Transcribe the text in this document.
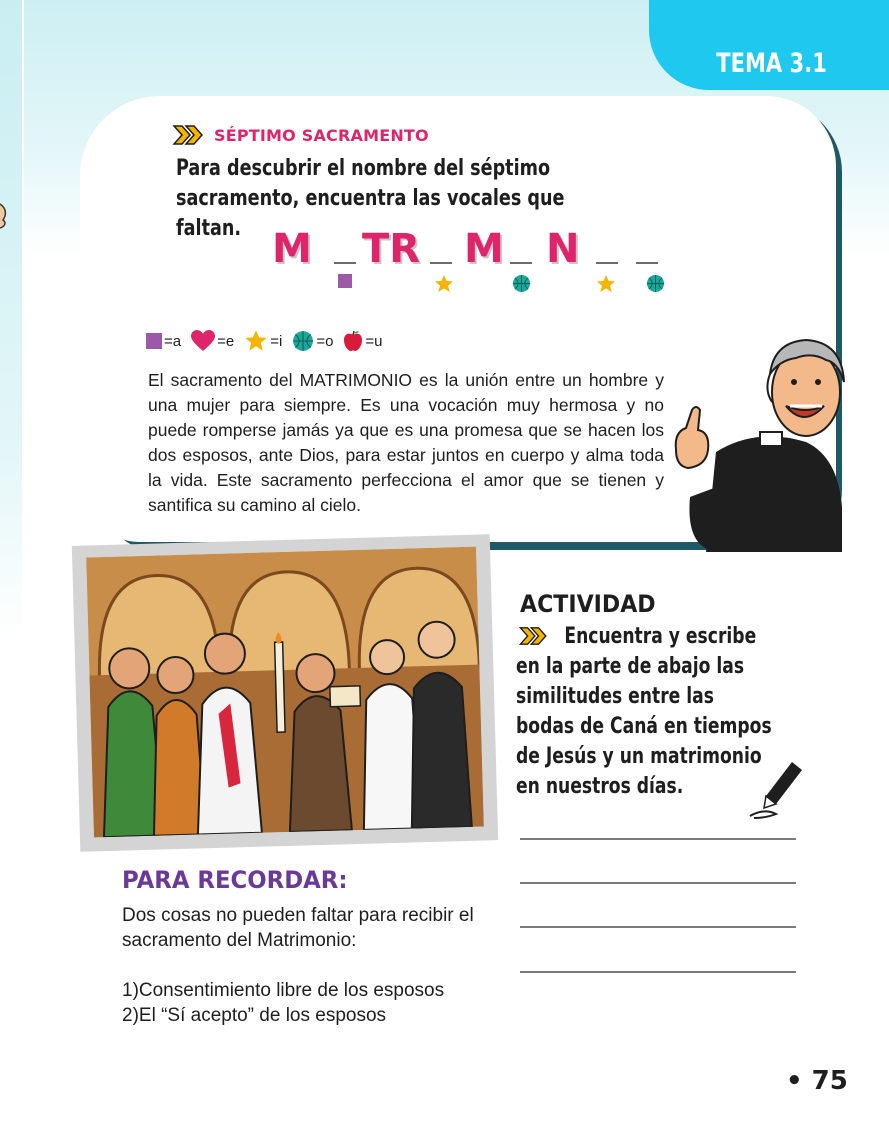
TEMA 3.1
SÉPTIMO SACRAMENTO
Para descubrir el nombre del séptimo sacramento, encuentra las vocales que faltan. M TR M N
=a =e =i =o =u
El sacramento del MATRIMONIO es la unión entre un hombre y una mujer para siempre. Es una vocación muy hermosa y no puede romperse jamás ya que es una promesa que se hacen los dos esposos, ante Dios, para estar juntos en cuerpo y alma toda la vida. Este sacramento perfecciona el amor que se tienen y santifica su camino al cielo.
ACTIVIDAD
Encuentra y escribe en la parte de abajo las similitudes entre las bodas de Caná en tiempos de Jesús y un matrimonio en nuestros días.
PARA RECORDAR:
Dos cosas no pueden faltar para recibir el sacramento del Matrimonio:
1)Consentimiento libre de los esposos
2)El “Sí acepto” de los esposos
• 75
